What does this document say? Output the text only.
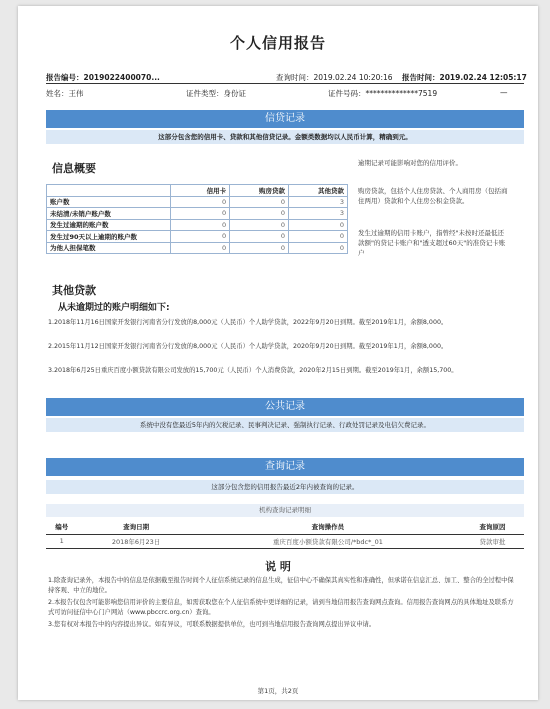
个人信用报告
报告编号：2019022400070...	查询时间：2019.02.24 10:20:16 报告时间：2019.02.24 12:05:17
姓名：王伟	证件类型：身份证	证件号码：**************7519	—
信贷记录
这部分包含您的信用卡、贷款和其他信贷记录。金额类数据均以人民币计算，精确到元。
信息概要
	信用卡	购房贷款	其他贷款
账户数	0	0	3
未结清/未销户账户数	0	0	3
发生过逾期的账户数	0	0	0
发生过90天以上逾期的账户数	0	0	0
为他人担保笔数	0	0	0
逾期记录可能影响对您的信用评价。
购房贷款，包括个人住房贷款、个人商用房（包括商住两用）贷款和个人住房公积金贷款。
发生过逾期的信用卡账户，指曾经"未按时还最低还款额"的贷记卡账户和"透支超过60天"的准贷记卡账户
其他贷款
从未逾期过的账户明细如下:
1.2018年11月16日国家开发银行河南省分行发放的8,000元（人民币）个人助学贷款，2022年9月20日到期。截至2019年1月，余额8,000。
2.2015年11月12日国家开发银行河南省分行发放的8,000元（人民币）个人助学贷款，2020年9月20日到期。截至2019年1月，余额8,000。
3.2018年6月25日重庆百度小额贷款有限公司发放的15,700元（人民币）个人消费贷款，2020年2月15日到期。截至2019年1月，余额15,700。
公共记录
系统中没有您最近5年内的欠税记录、民事判决记录、强制执行记录、行政处罚记录及电信欠费记录。
查询记录
这部分包含您的信用报告最近2年内被查询的记录。
机构查询记录明细
编号	查询日期	查询操作员	查询原因
1	2018年6月23日	重庆百度小额贷款有限公司/*bdc*_01	贷款审批
说 明
1.除查询记录外，本报告中的信息是依据截至报告时间个人征信系统记录的信息生成，征信中心不确保其真实性和准确性，但承诺在信息汇总、加工、整合的全过程中保持客观、中立的地位。
2.本报告仅包含可能影响您信用评价的主要信息，如需获取您在个人征信系统中更详细的记录，请到当地信用报告查询网点查询。信用报告查询网点的具体地址及联系方式可访问征信中心门户网站（www.pbccrc.org.cn）查询。
3.您有权对本报告中的内容提出异议。如有异议，可联系数据提供单位，也可到当地信用报告查询网点提出异议申请。
第1页，共2页
